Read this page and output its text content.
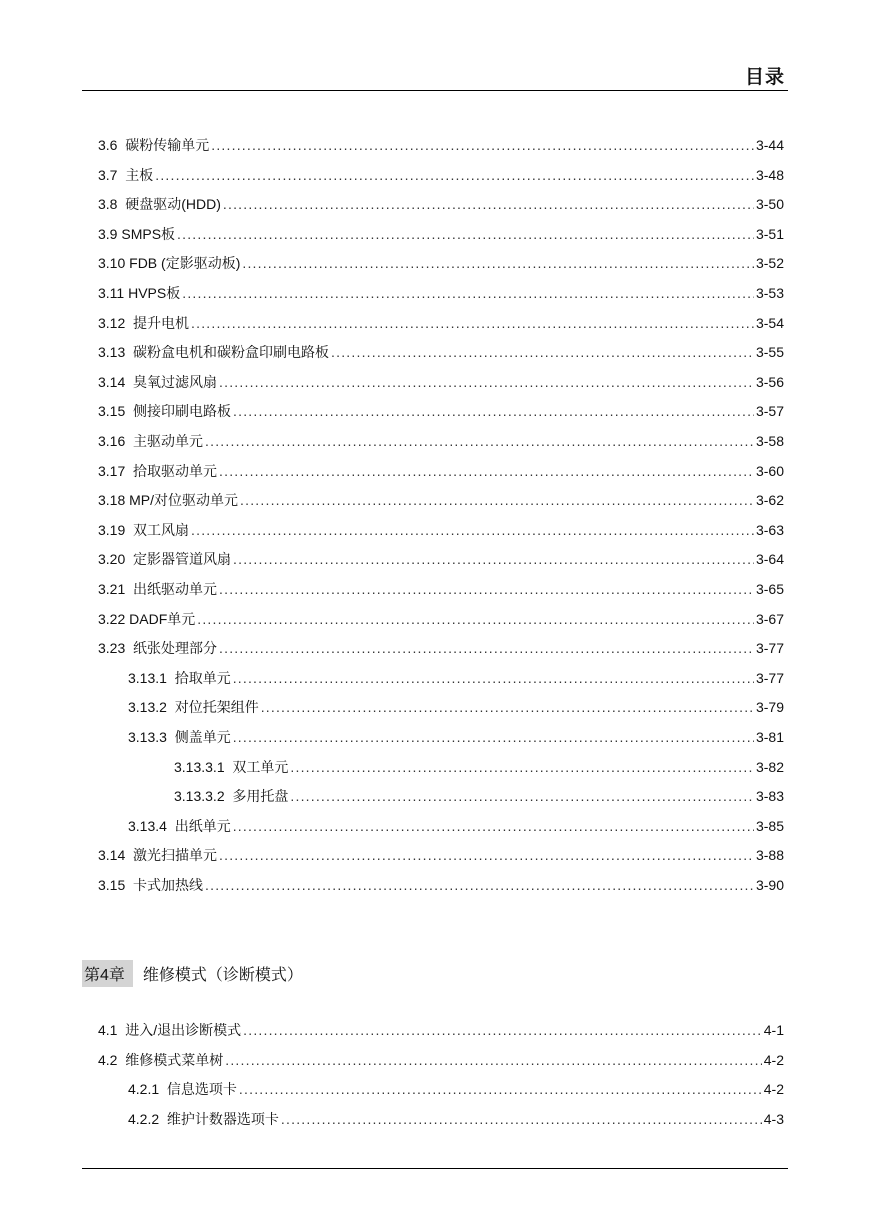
目录
3.6  碳粉传输单元 .....	3-44
3.7  主板 .....	3-48
3.8  硬盘驱动(HDD) .....	3-50
3.9 SMPS板 .....	3-51
3.10 FDB (定影驱动板) .....	3-52
3.11 HVPS板 .....	3-53
3.12  提升电机 .....	3-54
3.13  碳粉盒电机和碳粉盒印刷电路板 .....	3-55
3.14  臭氧过滤风扇 .....	3-56
3.15  侧接印刷电路板 .....	3-57
3.16  主驱动单元 .....	3-58
3.17  拾取驱动单元 .....	3-60
3.18 MP/对位驱动单元 .....	3-62
3.19  双工风扇 .....	3-63
3.20  定影器管道风扇 .....	3-64
3.21  出纸驱动单元 .....	3-65
3.22 DADF单元 .....	3-67
3.23  纸张处理部分 .....	3-77
3.13.1  拾取单元 .....	3-77
3.13.2  对位托架组件 .....	3-79
3.13.3  侧盖单元 .....	3-81
3.13.3.1  双工单元 .....	3-82
3.13.3.2  多用托盘 .....	3-83
3.13.4  出纸单元 .....	3-85
3.14  激光扫描单元 .....	3-88
3.15  卡式加热线 .....	3-90
4.1  进入/退出诊断模式 .....	4-1
4.2  维修模式菜单树 .....	4-2
4.2.1  信息选项卡 .....	4-2
4.2.2  维护计数器选项卡 .....	4-3
第4章	维修模式（诊断模式）
